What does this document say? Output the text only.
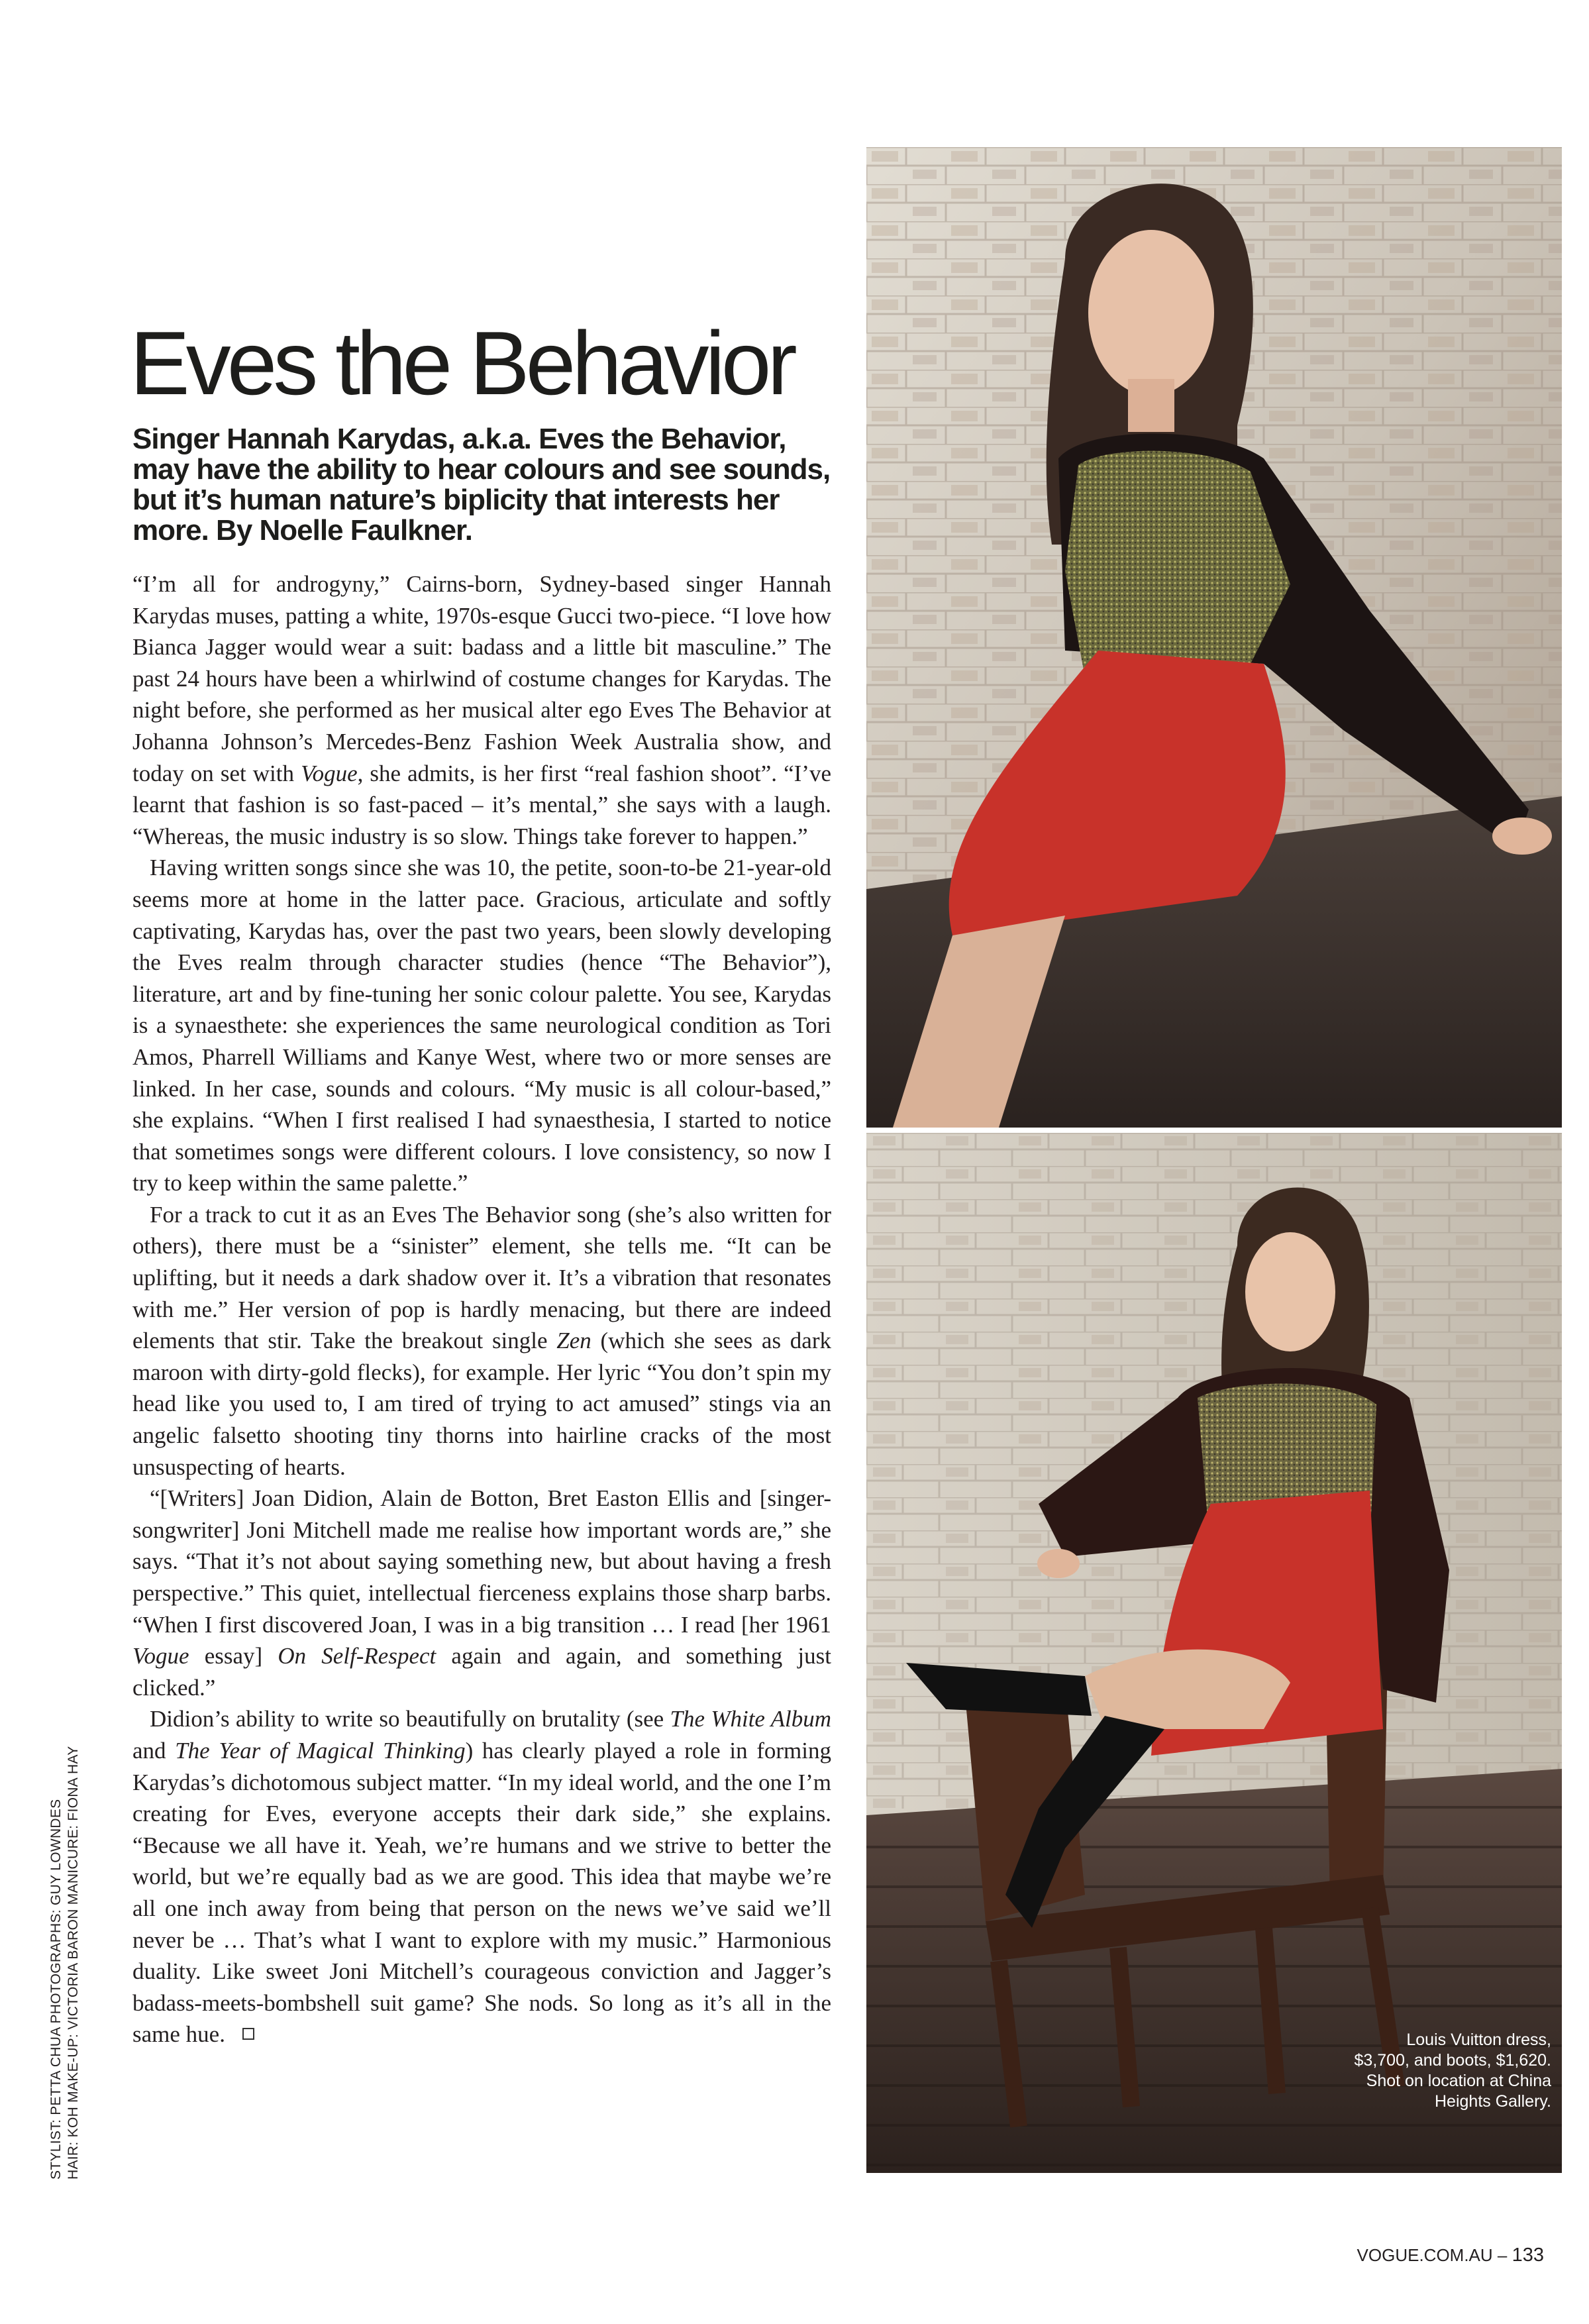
Eves the Behavior
Singer Hannah Karydas, a.k.a. Eves the Behavior, may have the ability to hear colours and see sounds, but it’s human nature’s biplicity that interests her more. By Noelle Faulkner.

“I’m all for androgyny,” Cairns-born, Sydney-based singer Hannah Karydas muses, patting a white, 1970s-esque Gucci two-piece. “I love how Bianca Jagger would wear a suit: badass and a little bit masculine.” The past 24 hours have been a whirlwind of costume changes for Karydas. The night before, she performed as her musical alter ego Eves The Behavior at Johanna Johnson’s Mercedes-Benz Fashion Week Australia show, and today on set with Vogue, she admits, is her first “real fashion shoot”. “I’ve learnt that fashion is so fast-paced – it’s mental,” she says with a laugh. “Whereas, the music industry is so slow. Things take forever to happen.”

Having written songs since she was 10, the petite, soon-to-be 21-year-old seems more at home in the latter pace. Gracious, articulate and softly captivating, Karydas has, over the past two years, been slowly developing the Eves realm through character studies (hence “The Behavior”), literature, art and by fine-tuning her sonic colour palette. You see, Karydas is a synaesthete: she experiences the same neurological condition as Tori Amos, Pharrell Williams and Kanye West, where two or more senses are linked. In her case, sounds and colours. “My music is all colour-based,” she explains. “When I first realised I had synaesthesia, I started to notice that sometimes songs were different colours. I love consistency, so now I try to keep within the same palette.”

For a track to cut it as an Eves The Behavior song (she’s also written for others), there must be a “sinister” element, she tells me. “It can be uplifting, but it needs a dark shadow over it. It’s a vibration that resonates with me.” Her version of pop is hardly menacing, but there are indeed elements that stir. Take the breakout single Zen (which she sees as dark maroon with dirty-gold flecks), for example. Her lyric “You don’t spin my head like you used to, I am tired of trying to act amused” stings via an angelic falsetto shooting tiny thorns into hairline cracks of the most unsuspecting of hearts.

“[Writers] Joan Didion, Alain de Botton, Bret Easton Ellis and [singer-songwriter] Joni Mitchell made me realise how important words are,” she says. “That it’s not about saying something new, but about having a fresh perspective.” This quiet, intellectual fierceness explains those sharp barbs. “When I first discovered Joan, I was in a big transition … I read [her 1961 Vogue essay] On Self-Respect again and again, and something just clicked.”

Didion’s ability to write so beautifully on brutality (see The White Album and The Year of Magical Thinking) has clearly played a role in forming Karydas’s dichotomous subject matter. “In my ideal world, and the one I’m creating for Eves, everyone accepts their dark side,” she explains. “Because we all have it. Yeah, we’re humans and we strive to better the world, but we’re equally bad as we are good. This idea that maybe we’re all one inch away from being that person on the news we’ve said we’ll never be … That’s what I want to explore with my music.” Harmonious duality. Like sweet Joni Mitchell’s courageous conviction and Jagger’s badass-meets-bombshell suit game? She nods. So long as it’s all in the same hue.

STYLIST: PETTA CHUA PHOTOGRAPHS: GUY LOWNDES HAIR: KOH MAKE-UP: VICTORIA BARON MANICURE: FIONA HAY	Louis Vuitton dress, $3,700, and boots, $1,620. Shot on location at China Heights Gallery.
VOGUE.COM.AU – 133
